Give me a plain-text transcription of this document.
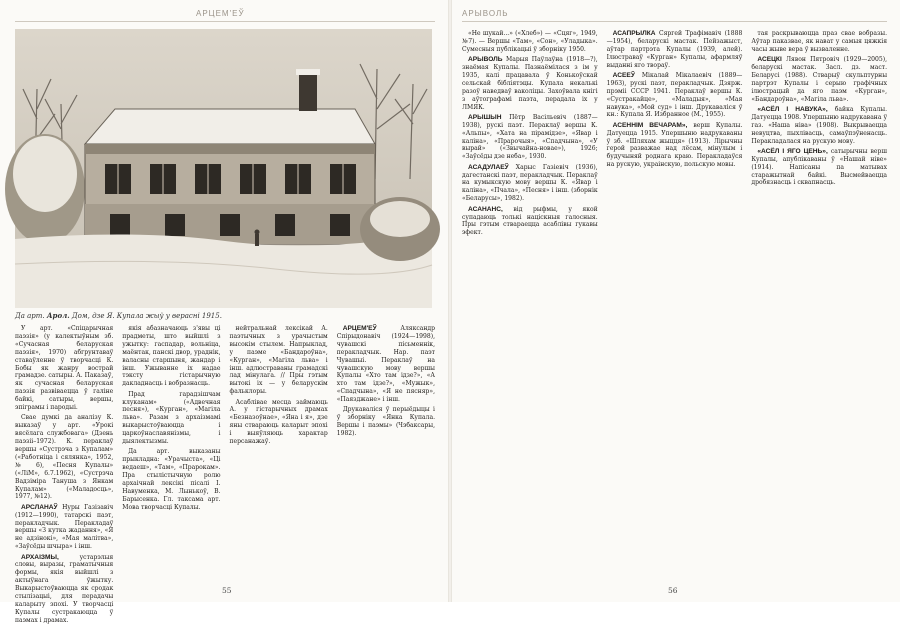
АРЦЕМ'ЕЎ
Да арт. Арол. Дом, дзе Я. Купала жыў у верасні 1915.

У арт. «Спіцарычная паэзія» (у калектыўным зб. «Сучасная беларуская паэзія», 1970) абгрунтаваў ставаўленне ў творчасці К. Бобы як жанру вострай грамадзе. сатыры. А. Паказаў, як сучасная беларуская паэзія развіваецца ў галіне байкі, сатыры, вершы, эпіграмы і пародыі.

Свае думкі да аналізу К. выказаў у арт. «Урокі вясёлага службовага» (Дзень паэзіі–1972). К. пераклаў вершы «Сустрэча з Купалам» («Работніца і сялянка», 1952, № 6), «Песня Купалы» («ЛіМ», 6.7.1962), «Сустрэча Вадзіміра Тануша з Янкам Купалам» («Маладосць», 1977, №12).

АРСЛАНАЎ Нуры Газізавіч (1912—1990), татарскі паэт, перакладчык. Перакладаў вершы «З кутка жадання», «Я не адзінокі», «Мая малітва», «Заўсёды шчыра» і інш.

АРХАІЗМЫ,	устарэлыя словы, выразы, граматычныя формы, якія выйшлі з актыўнага ўжытку. Выкарыстоўваюцца як сродак стылізацыі, для перадачы каларыту эпохі. У творчасці Купалы сустракаюцца ў паэмах і драмах.

якія абазначаюць з'явы ці прадметы, што выйшлі з ужытку: гаспадар, вольніца, маёнтак, панскі двор, ураднік, валасны старшыня, жандар і інш. Ужыванне іх надае тэксту гістарычную дакладнасць і вобразнасць.

Прад гарадзішчам клуканам» («Адвечная песня»), «Курган», «Магіла льва». Разам з архаізмамі выкарыстоўваюцца і царкоўнаславянізмы, і дыялектызмы.

Да арт. выказаны прыкладна: «Урачыста», «Ці ведаеш», «Там», «Прарокам». Пра стылістычную ролю архаічнай лексікі пісалі І. Навуменка, М. Лынькоў, В. Барысенка. Гл. таксама арт. Мова творчасці Купалы.

нейтральнай лексікай А. паэтычных з урачыстым высокім стылем. Напрыклад, у паэме «Бандароўна», «Курган», «Магіла льва» і інш. адлюстраваны грамадскі лад мінулага. // Пры гэтым вытокі іх — у беларускім фальклоры.

Асаблівае месца займаюць А. у гістарычных драмах «Безназоўнае», «Яна і я», дзе яны ствараюць каларыт эпохі і выяўляюць характар персанажаў.

АРЦЕМ'ЕЎ	Аляксандр Спірыдонавіч (1924—1998), чувашскі пісьменнік, перакладчык. Нар. паэт Чувашыі. Пераклаў на чувашскую мову вершы Купалы «Хто там ідзе?», «А хто там ідзе?», «Мужык», «Спадчына», «Я не пясняр», «Паязджане» і інш.

Друкаваліся ў перыёдыцы і ў зборніку «Янка Купала. Вершы і паэмы» (Чэбаксары, 1982).

55
АРЫВОЛЬ

«Не шукай...» («Хлеб») — «Сцяг», 1949, №7). — Вершы «Там», «Сон», «Уладыка». Сумесныя публікацыі ў зборніку 1950.

АРЫВОЛЬ Марыя Паўлаўна (1918—?), знаёмая Купалы. Пазнаёмілася з ім у 1935, калі працавала ў Конькоўскай сельскай бібліятэцы. Купала некалькі разоў наведваў ваколіцы. Захоўвала кнігі з аўтографамі паэта, перадала іх у ЛМЯК.

АРЫШЫН Пётр Васільевіч (1887—1938), рускі паэт. Пераклаў вершы К. «Альпы», «Хата на пірамідзе», «Явар і каліна», «Прарочыя», «Спадчына», «У вырай» («Звычайна-новае»), 1926; «Заўсёды дзе неба», 1930.

АСАДУЛАЕЎ Харыс Газіевіч (1936), дагестанскі паэт, перакладчык. Пераклаў на кумыкскую мову вершы К. «Явар і каліна», «Пчала», «Песня» і інш. (зборнік «Беларусы», 1982).

АСАНАНС, від рыфмы, у якой супадаюць толькі націскныя галосныя. Пры гэтым ствараецца асаблівы гукавы эфект.

АСАПРЫЛКА Сяргей Трафімавіч (1888—1954), беларускі мастак. Пейзажыст, аўтар партрэта Купалы (1939, алей). Ілюстраваў «Курган» Купалы, афармляў выданні яго твораў.

АСЕЕЎ Мікалай Мікалаевіч (1889—1963), рускі паэт, перакладчык. Дзярж. прэміі СССР 1941. Пераклаў вершы К. «Сустракайце», «Маладыя», «Мая навука», «Мой суд» і інш. Друкаваліся ў кн.: Купала Я. Избранное (М., 1955).

АСЕННІМ ВЕЧАРАМ», верш Купалы. Датуецца 1915. Упершыню надрукаваны ў зб. «Шляхам жыцця» (1913). Лірычны герой разважае над лёсам, мінулым і будучыняй роднага краю. Перакладаўся на рускую, украінскую, польскую мовы.

тая раскрываюцца праз свае вобразы. Аўтар паказвае, як нават у самыя цяжкія часы жыве вера ў вызваленне.

АСЕЦКІ Лявон Пятровіч (1929—2005), беларускі мастак. Засл. дз. маст. Беларусі (1988). Стварыў скульптурны партрэт Купалы і серыю графічных ілюстрацый да яго паэм «Курган», «Бандароўна», «Магіла льва».

«АСЁЛ І НАВУКА», байка Купалы. Датуецца 1908. Упершыню надрукавана ў газ. «Наша ніва» (1908). Выкрываецца невуцтва, пыхлівасць, самаўпэўненасць. Перакладалася на рускую мову.

«АСЁЛ І ЯГО ЦЕНЬ», сатырычны верш Купалы, апублікаваны ў «Нашай ніве» (1914). Напісаны па матывах старажытнай байкі. Высмейваецца дробязнасць і сквапнасць.

56
